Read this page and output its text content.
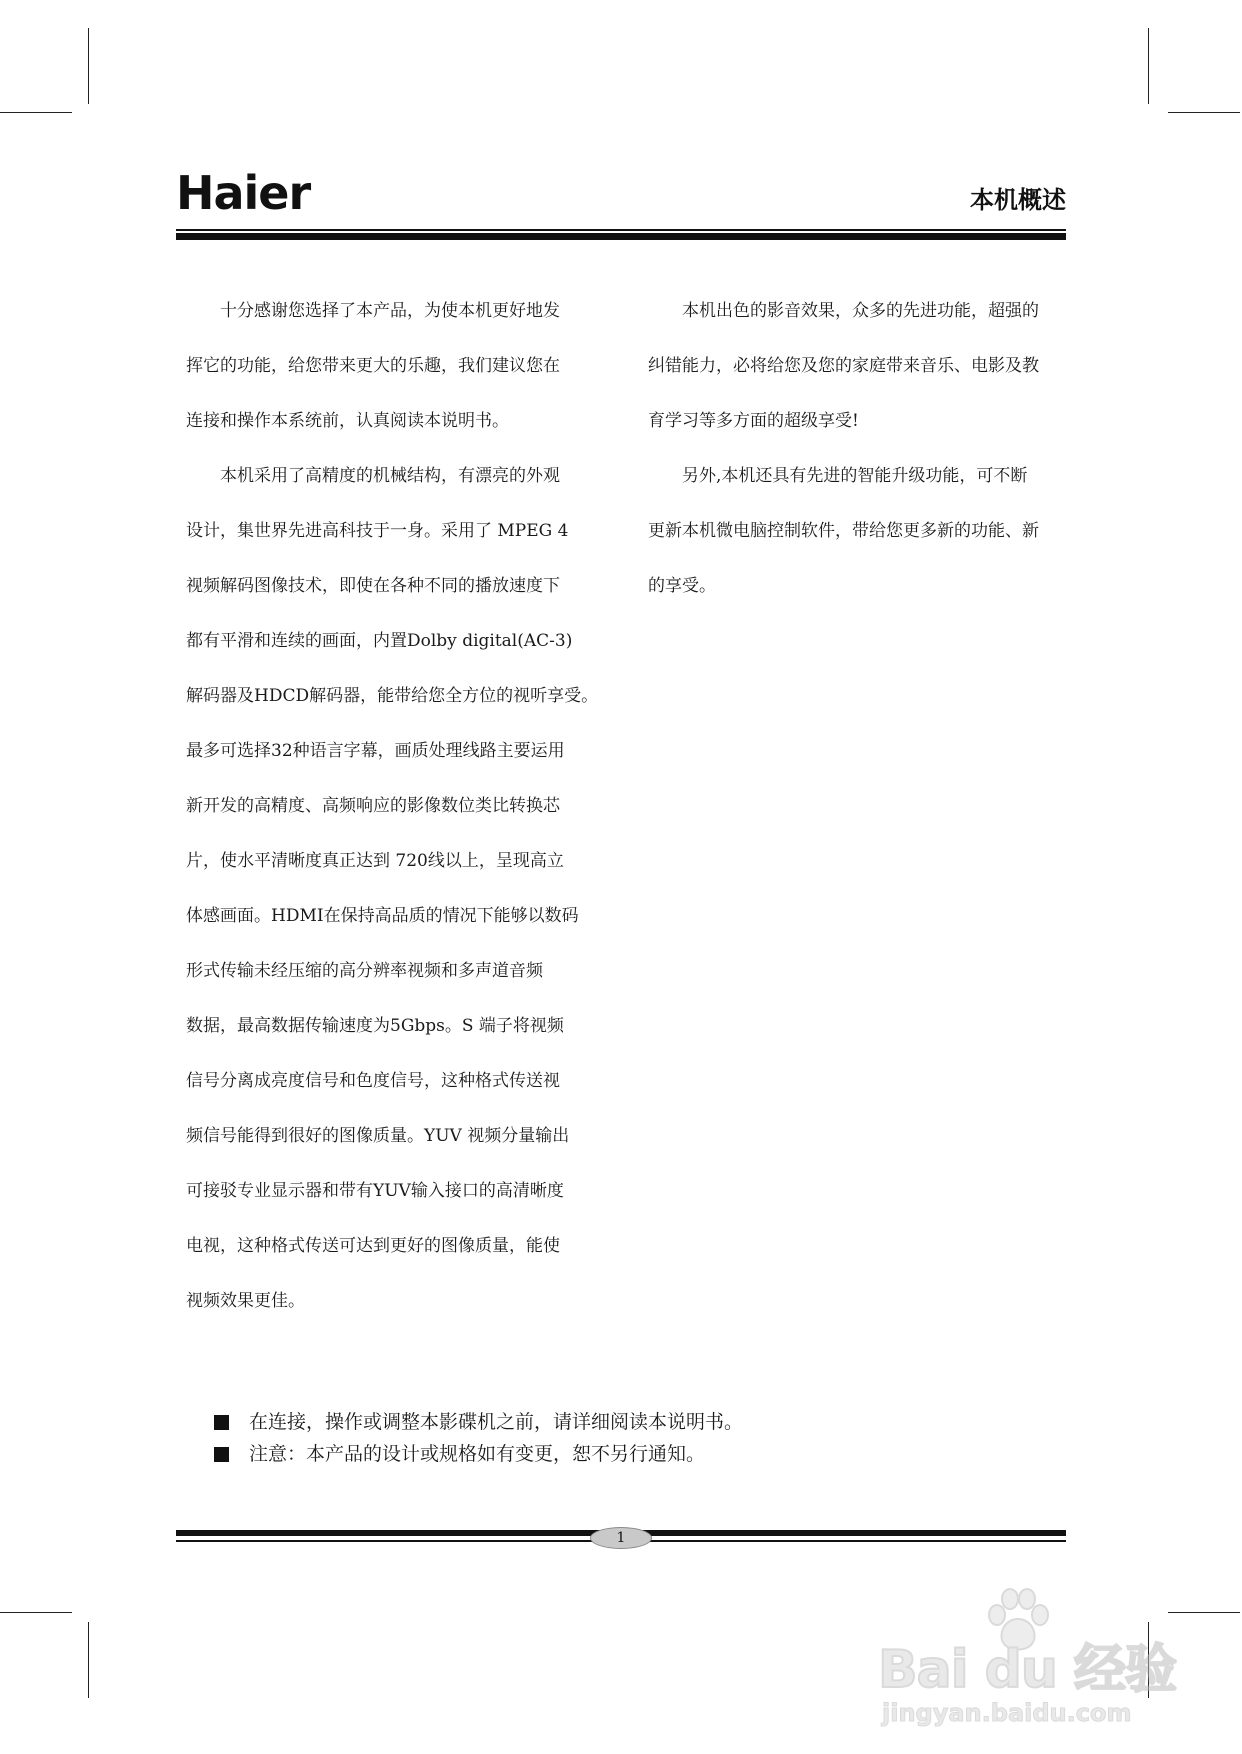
Haier	本机概述

十分感谢您选择了本产品，为使本机更好地发
挥它的功能，给您带来更大的乐趣，我们建议您在
连接和操作本系统前，认真阅读本说明书。

本机采用了高精度的机械结构，有漂亮的外观
设计，集世界先进高科技于一身。采用了 MPEG 4
视频解码图像技术，即使在各种不同的播放速度下
都有平滑和连续的画面，内置Dolby digital(AC-3)
解码器及HDCD解码器，能带给您全方位的视听享受。
最多可选择32种语言字幕，画质处理线路主要运用
新开发的高精度、高频响应的影像数位类比转换芯
片，使水平清晰度真正达到 720线以上，呈现高立
体感画面。HDMI在保持高品质的情况下能够以数码
形式传输未经压缩的高分辨率视频和多声道音频
数据，最高数据传输速度为5Gbps。S 端子将视频
信号分离成亮度信号和色度信号，这种格式传送视
频信号能得到很好的图像质量。YUV 视频分量输出
可接驳专业显示器和带有YUV输入接口的高清晰度
电视，这种格式传送可达到更好的图像质量，能使
视频效果更佳。

本机出色的影音效果，众多的先进功能，超强的
纠错能力，必将给您及您的家庭带来音乐、电影及教
育学习等多方面的超级享受!

另外,本机还具有先进的智能升级功能，可不断
更新本机微电脑控制软件，带给您更多新的功能、新
的享受。

在连接，操作或调整本影碟机之前，请详细阅读本说明书。
注意：本产品的设计或规格如有变更，恕不另行通知。
1
Bai du 经验
jingyan.baidu.com
